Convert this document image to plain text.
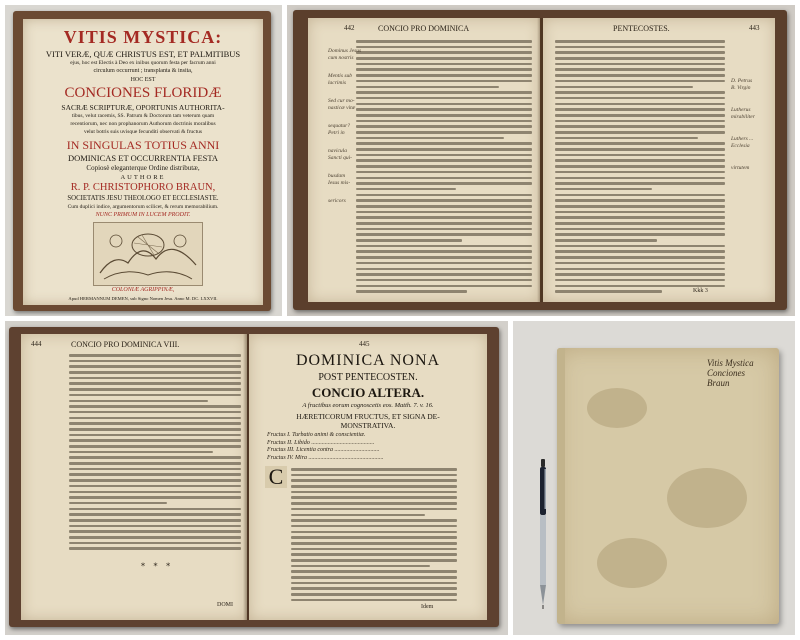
VITIS MYSTICA:
VITI VERÆ, QUÆ CHRISTUS EST, ET PALMITIBUS
ejus, hoc est Electis à Deo ex inibus quorum festa per facrum anni
circulum occurrunt ; transplanta & insita,
HOC EST
CONCIONES FLORIDÆ
SACRÆ SCRIPTURÆ, OPORTUNIS AUTHORITA-
tibus, velut racemis, SS. Patrum & Doctorum tam veterum quam
recentiorum, nec non prophanorum Authorum doctrinis moralibus
velut botris suis uvisque fecunditi observati & fructus
IN SINGULAS TOTIUS ANNI
DOMINICAS ET OCCURRENTIA FESTA
Copiosè eleganterque Ordine distributæ,
AUTHORE
R. P. CHRISTOPHORO BRAUN,
SOCIETATIS JESU THEOLOGO ET ECCLESIASTE.
Cum duplici indice, argumentorum scilicet, & rerum memorabilium.
NUNC PRIMUM IN LUCEM PRODIT.
COLONIÆ AGRIPPINÆ,
Apud HERMANNUM DEMEN, sub Signo Nomen Jesu. Anno M. DC. LXXVII.
442	CONCIO PRO DOMINICA
Dominus Jesus
cum nostris
Mentis sub
lacrimis
Sed cur mo-
nasticæ vitæ
sequatur?
Petri in
navicula
Sancti qui-
busdam
Iesus mis-
sericors
PENTECOSTES.	443
D. Petrus
B. Virgin
Lutherus
mirabiliter
Luthers ...
Ecclesia
virtutem
Kkk 3
444	CONCIO PRO DOMINICA VIII.
* * *
DOMI
445
DOMINICA NONA
POST PENTECOSTEN.
CONCIO ALTERA.
A fructibus eorum cognoscetis eos. Matth. 7. v. 16.
HÆRETICORUM FRUCTUS, ET SIGNA DE-
MONSTRATIVA.
Fructus I. Turbatio animi & conscientiæ.
Fructus II. Libido ..........................................
Fructus III. Licentia contra ..............................
Fructus IV. Mira ..................................................
C
Idem
Vitis Mystica
Conciones
Braun
